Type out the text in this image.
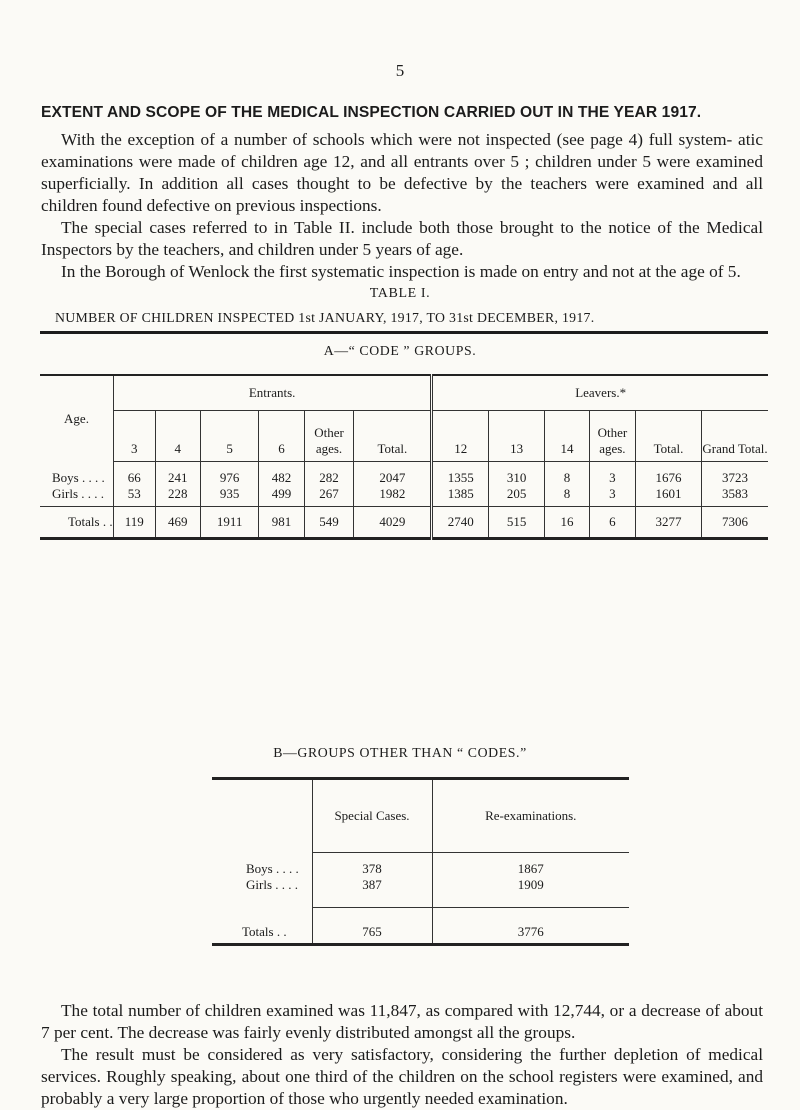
5
EXTENT AND SCOPE OF THE MEDICAL INSPECTION CARRIED OUT IN THE YEAR 1917.

With the exception of a number of schools which were not inspected (see page 4) full system- atic examinations were made of children age 12, and all entrants over 5 ; children under 5 were examined superficially. In addition all cases thought to be defective by the teachers were examined and all children found defective on previous inspections.

The special cases referred to in Table II. include both those brought to the notice of the Medical Inspectors by the teachers, and children under 5 years of age.

In the Borough of Wenlock the first systematic inspection is made on entry and not at the age of 5.

TABLE I.
NUMBER OF CHILDREN INSPECTED 1st JANUARY, 1917, TO 31st DECEMBER, 1917.
A—“ CODE ” GROUPS.
Age.	Entrants.						Leavers.*					
	3	4	5	6	Other ages.	Total.	12	13	14	Other ages.	Total.	Grand Total.
Boys . . . .	66	241	976	482	282	2047	1355	310	8	3	1676	3723
Girls . . . .	53	228	935	499	267	1982	1385	205	8	3	1601	3583
Totals . .	119	469	1911	981	549	4029	2740	515	16	6	3277	7306
B—GROUPS OTHER THAN “ CODES.”
	Special Cases.	Re-examinations.
Boys . . . .	378	1867
Girls . . . .	387	1909
Totals . .	765	3776

The total number of children examined was 11,847, as compared with 12,744, or a decrease of about 7 per cent. The decrease was fairly evenly distributed amongst all the groups.

The result must be considered as very satisfactory, considering the further depletion of medical services. Roughly speaking, about one third of the children on the school registers were examined, and probably a very large proportion of those who urgently needed examination.
